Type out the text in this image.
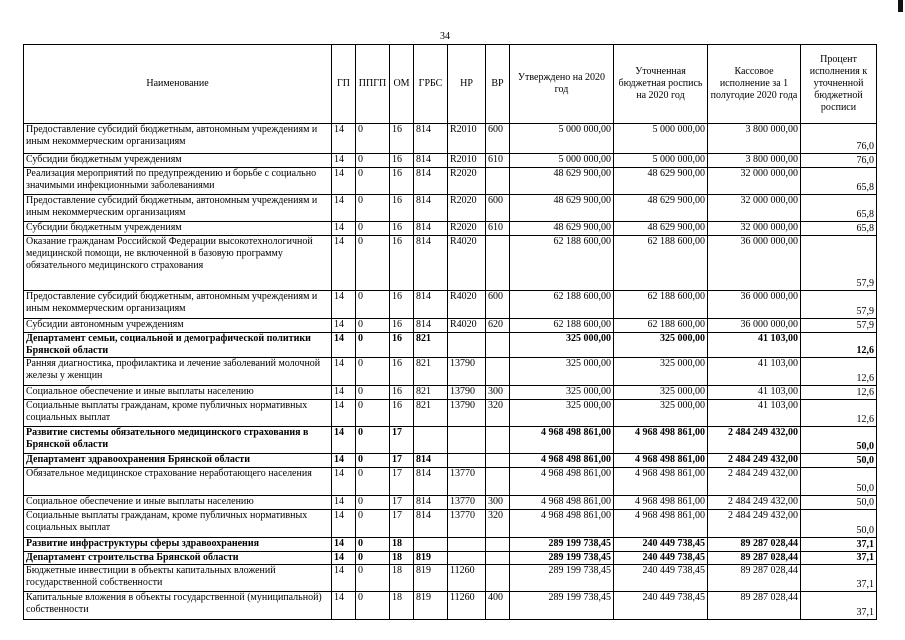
34
Наименование	ГП	ППГП	ОМ	ГРБС	НР	ВР	Утверждено на 2020 год	Уточненная бюджетная роспись на 2020 год	Кассовое исполнение за 1 полугодие 2020 года	Процент исполнения к уточненной бюджетной росписи
Предоставление субсидий бюджетным, автономным учреждениям и иным некоммерческим организациям	14	0	16	814	R2010	600	5 000 000,00	5 000 000,00	3 800 000,00	76,0
Субсидии бюджетным учреждениям	14	0	16	814	R2010	610	5 000 000,00	5 000 000,00	3 800 000,00	76,0
Реализация мероприятий по предупреждению и борьбе с социально значимыми инфекционными заболеваниями	14	0	16	814	R2020		48 629 900,00	48 629 900,00	32 000 000,00	65,8
Предоставление субсидий бюджетным, автономным учреждениям и иным некоммерческим организациям	14	0	16	814	R2020	600	48 629 900,00	48 629 900,00	32 000 000,00	65,8
Субсидии бюджетным учреждениям	14	0	16	814	R2020	610	48 629 900,00	48 629 900,00	32 000 000,00	65,8
Оказание гражданам Российской Федерации высокотехнологичной медицинской помощи, не включенной в базовую программу обязательного медицинского страхования	14	0	16	814	R4020		62 188 600,00	62 188 600,00	36 000 000,00	57,9
Предоставление субсидий бюджетным, автономным учреждениям и иным некоммерческим организациям	14	0	16	814	R4020	600	62 188 600,00	62 188 600,00	36 000 000,00	57,9
Субсидии автономным учреждениям	14	0	16	814	R4020	620	62 188 600,00	62 188 600,00	36 000 000,00	57,9
Департамент семьи, социальной и демографической политики Брянской области	14	0	16	821			325 000,00	325 000,00	41 103,00	12,6
Ранняя диагностика, профилактика и лечение заболеваний молочной железы у женщин	14	0	16	821	13790		325 000,00	325 000,00	41 103,00	12,6
Социальное обеспечение и иные выплаты населению	14	0	16	821	13790	300	325 000,00	325 000,00	41 103,00	12,6
Социальные выплаты гражданам, кроме публичных нормативных социальных выплат	14	0	16	821	13790	320	325 000,00	325 000,00	41 103,00	12,6
Развитие системы обязательного медицинского страхования в Брянской области	14	0	17				4 968 498 861,00	4 968 498 861,00	2 484 249 432,00	50,0
Департамент здравоохранения Брянской области	14	0	17	814			4 968 498 861,00	4 968 498 861,00	2 484 249 432,00	50,0
Обязательное медицинское страхование неработающего населения	14	0	17	814	13770		4 968 498 861,00	4 968 498 861,00	2 484 249 432,00	50,0
Социальное обеспечение и иные выплаты населению	14	0	17	814	13770	300	4 968 498 861,00	4 968 498 861,00	2 484 249 432,00	50,0
Социальные выплаты гражданам, кроме публичных нормативных социальных выплат	14	0	17	814	13770	320	4 968 498 861,00	4 968 498 861,00	2 484 249 432,00	50,0
Развитие инфраструктуры сферы здравоохранения	14	0	18				289 199 738,45	240 449 738,45	89 287 028,44	37,1
Департамент строительства Брянской области	14	0	18	819			289 199 738,45	240 449 738,45	89 287 028,44	37,1
Бюджетные инвестиции в объекты капитальных вложений государственной собственности	14	0	18	819	11260		289 199 738,45	240 449 738,45	89 287 028,44	37,1
Капитальные вложения в объекты государственной (муниципальной) собственности	14	0	18	819	11260	400	289 199 738,45	240 449 738,45	89 287 028,44	37,1
